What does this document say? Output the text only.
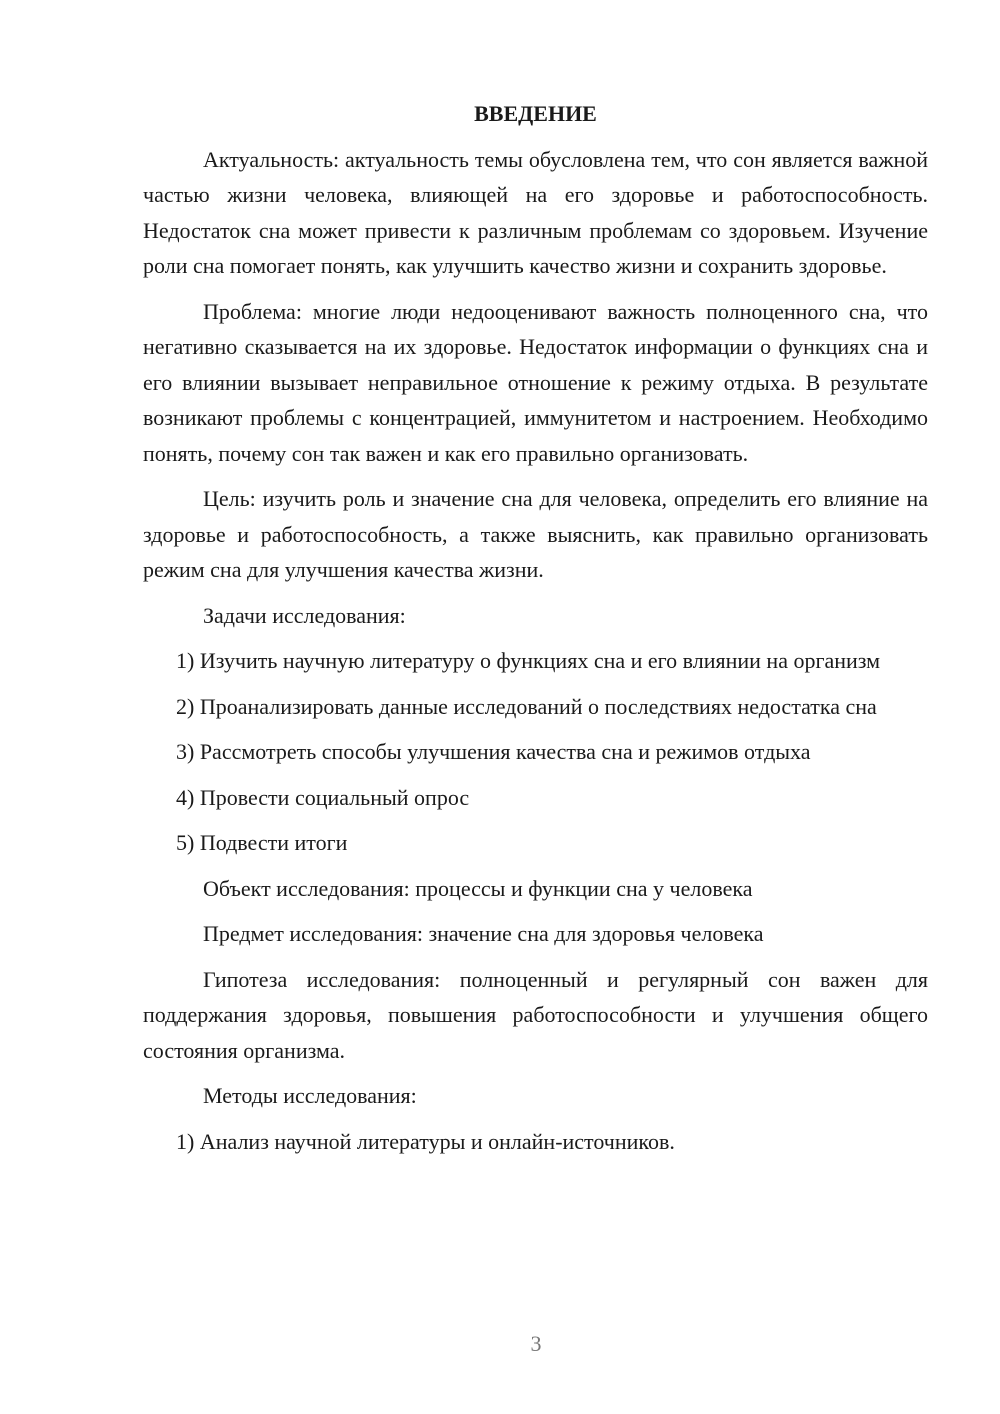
ВВЕДЕНИЕ

Актуальность: актуальность темы обусловлена тем, что сон является важной частью жизни человека, влияющей на его здоровье и работоспособность. Недостаток сна может привести к различным проблемам со здоровьем. Изучение роли сна помогает понять, как улучшить качество жизни и сохранить здоровье.

Проблема: многие люди недооценивают важность полноценного сна, что негативно сказывается на их здоровье. Недостаток информации о функциях сна и его влиянии вызывает неправильное отношение к режиму отдыха. В результате возникают проблемы с концентрацией, иммунитетом и настроением. Необходимо понять, почему сон так важен и как его правильно организовать.

Цель: изучить роль и значение сна для человека, определить его влияние на здоровье и работоспособность, а также выяснить, как правильно организовать режим сна для улучшения качества жизни.

Задачи исследования:

1) Изучить научную литературу о функциях сна и его влиянии на организм

2) Проанализировать данные исследований о последствиях недостатка сна

3) Рассмотреть способы улучшения качества сна и режимов отдыха

4) Провести социальный опрос

5) Подвести итоги

Объект исследования: процессы и функции сна у человека

Предмет исследования: значение сна для здоровья человека

Гипотеза исследования: полноценный и регулярный сон важен для поддержания здоровья, повышения работоспособности и улучшения общего состояния организма.

Методы исследования:

1) Анализ научной литературы и онлайн-источников.

3
